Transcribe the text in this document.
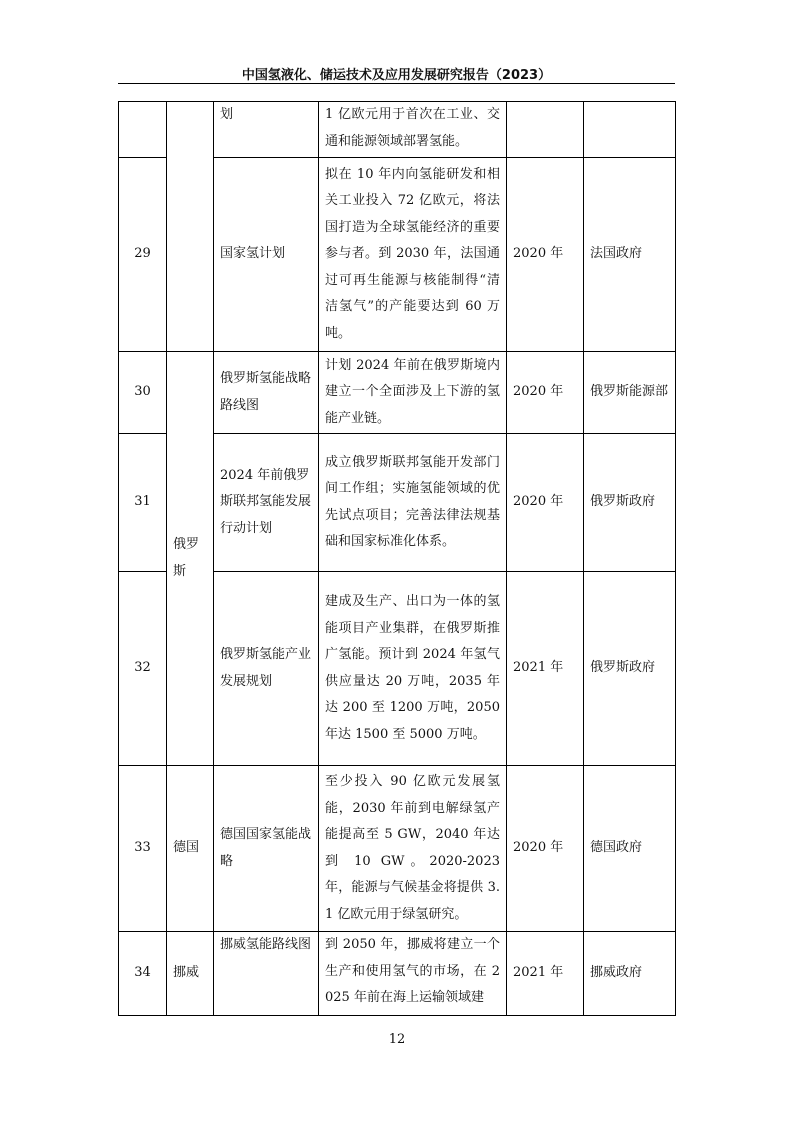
中国氢液化、储运技术及应用发展研究报告（2023）
		划	1 亿欧元用于首次在工业、交通和能源领域部署氢能。		
29		国家氢计划	拟在 10 年内向氢能研发和相关工业投入 72 亿欧元，将法国打造为全球氢能经济的重要参与者。到 2030 年，法国通过可再生能源与核能制得“清洁氢气”的产能要达到 60 万吨。	2020 年	法国政府
30	俄罗斯	俄罗斯氢能战略路线图	计划 2024 年前在俄罗斯境内建立一个全面涉及上下游的氢能产业链。	2020 年	俄罗斯能源部
31		2024 年前俄罗斯联邦氢能发展行动计划	成立俄罗斯联邦氢能开发部门间工作组；实施氢能领域的优先试点项目；完善法律法规基础和国家标准化体系。	2020 年	俄罗斯政府
32		俄罗斯氢能产业发展规划	建成及生产、出口为一体的氢能项目产业集群，在俄罗斯推广氢能。预计到 2024 年氢气供应量达 20 万吨，2035 年达 200 至 1200 万吨，2050 年达 1500 至 5000 万吨。	2021 年	俄罗斯政府
33	德国	德国国家氢能战略	至少投入 90 亿欧元发展氢能，2030 年前到电解绿氢产能提高至 5 GW，2040 年达到 10 GW。2020-2023 年，能源与气候基金将提供 3.1 亿欧元用于绿氢研究。	2020 年	德国政府
34	挪威	挪威氢能路线图	到 2050 年，挪威将建立一个生产和使用氢气的市场，在 2025 年前在海上运输领域建	2021 年	挪威政府
12
